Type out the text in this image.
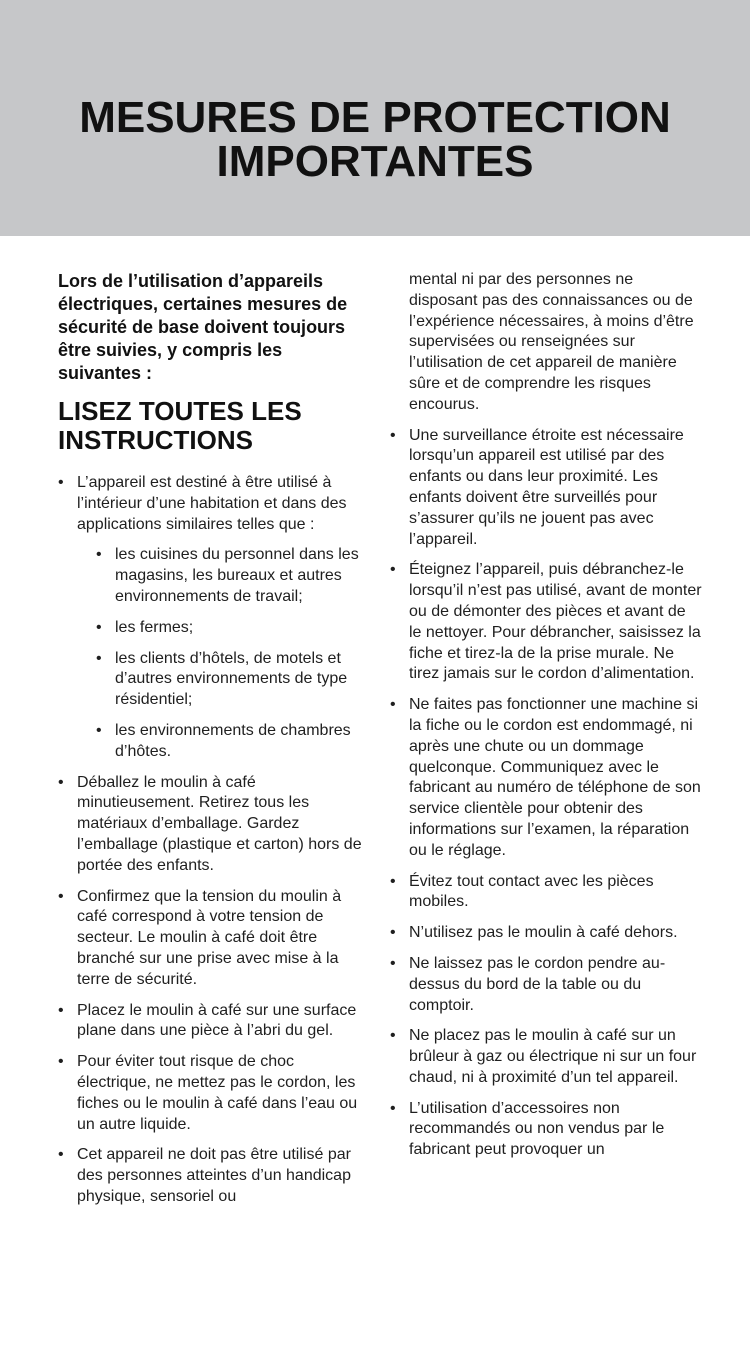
MESURES DE PROTECTION
IMPORTANTES

Lors de l’utilisation d’appareils électriques, certaines mesures de sécurité de base doivent toujours être suivies, y compris les suivantes :

LISEZ TOUTES LES INSTRUCTIONS
• L’appareil est destiné à être utilisé à l’intérieur d’une habitation et dans des applications similaires telles que :
• les cuisines du personnel dans les magasins, les bureaux et autres environnements de travail;
• les fermes;
• les clients d’hôtels, de motels et d’autres environnements de type résidentiel;
• les environnements de chambres d’hôtes.
• Déballez le moulin à café minutieusement. Retirez tous les matériaux d’emballage. Gardez l’emballage (plastique et carton) hors de portée des enfants.
• Confirmez que la tension du moulin à café correspond à votre tension de secteur. Le moulin à café doit être branché sur une prise avec mise à la terre de sécurité.
• Placez le moulin à café sur une surface plane dans une pièce à l’abri du gel.
• Pour éviter tout risque de choc électrique, ne mettez pas le cordon, les fiches ou le moulin à café dans l’eau ou un autre liquide.
• Cet appareil ne doit pas être utilisé par des personnes atteintes d’un handicap physique, sensoriel ou

mental ni par des personnes ne disposant pas des connaissances ou de l’expérience nécessaires, à moins d’être supervisées ou renseignées sur l’utilisation de cet appareil de manière sûre et de comprendre les risques encourus.

• Une surveillance étroite est nécessaire lorsqu’un appareil est utilisé par des enfants ou dans leur proximité. Les enfants doivent être surveillés pour s’assurer qu’ils ne jouent pas avec l’appareil.
• Éteignez l’appareil, puis débranchez-le lorsqu’il n’est pas utilisé, avant de monter ou de démonter des pièces et avant de le nettoyer. Pour débrancher, saisissez la fiche et tirez-la de la prise murale. Ne tirez jamais sur le cordon d’alimentation.
• Ne faites pas fonctionner une machine si la fiche ou le cordon est endommagé, ni après une chute ou un dommage quelconque. Communiquez avec le fabricant au numéro de téléphone de son service clientèle pour obtenir des informations sur l’examen, la réparation ou le réglage.
• Évitez tout contact avec les pièces mobiles.
• N’utilisez pas le moulin à café dehors.
• Ne laissez pas le cordon pendre au-dessus du bord de la table ou du comptoir.
• Ne placez pas le moulin à café sur un brûleur à gaz ou électrique ni sur un four chaud, ni à proximité d’un tel appareil.
• L’utilisation d’accessoires non recommandés ou non vendus par le fabricant peut provoquer un
